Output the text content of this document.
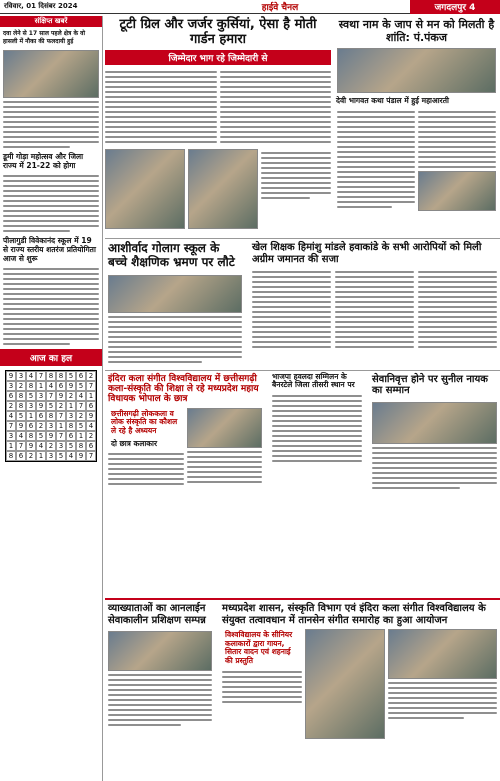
रविवार, 01 दिसंबर 2024	हाईवे चैनल	जगदलपुर 4
संक्षिप्त खबरें
दवा लेने से 17 साल पहले क्षेत्र के वो हासली में नौका की फलदायी हुई
डूमी गोड़ा महोत्सव और जिला राज्य में 21-22 को होगा
पीलागुडी विवेकानंद स्कूल में 19 से राज्य स्तरीय शतरंज प्रतियोगिता आज से शुरू
आज का हल
9 3 4 7 8 8 5 6 2
3 2 8 1 4 6 9 5 7
6 8 5 3 7 9 2 4 1
2 8 3 9 5 2 1 7 6
4 5 1 6 8 7 3 2 9
7 9 6 2 3 1 8 5 4
3 4 8 5 9 7 6 1 2
1 7 9 4 2 3 5 8 6
8 6 2 1 3 5 4 9 7
टूटी ग्रिल और जर्जर कुर्सियां, ऐसा है मोती गार्डन हमारा
जिम्मेदार भाग रहे जिम्मेदारी से
स्वथा नाम के जाप से मन को मिलती है शांति: पं.पंकज
देवी भागवत कथा पंडाल में हुई महाआरती
आशीर्वाद गोलाग स्कूल के बच्चे शैक्षणिक भ्रमण पर लौटे
खेल शिक्षक हिमांशु मांडले हवाकांडे के सभी आरोपियों को मिली अग्रीम जमानत की सजा
इंदिरा कला संगीत विश्वविद्यालय में छत्तीसगढ़ी कला-संस्कृति की शिक्षा ले रहे मध्यप्रदेश महाय विधायक भोपाल के छात्र
छत्तीसगढ़ी लोककला व लोक संस्कृति का कौशल ले रहे है अध्ययन
दो छात्र कलाकार
भाजपा हवलदा सम्मिलन के बैनरटेले जिला तीसरी स्थान पर
सेवानिवृत्त होने पर सुनील नायक का सम्मान
व्याख्याताओं का आनलाईन सेवाकालीन प्रशिक्षण सम्पन्न
मध्यप्रदेश शासन, संस्कृति विभाग एवं इंदिरा कला संगीत विश्वविद्यालय के संयुक्त तत्वावधान में तानसेन संगीत समारोह का हुआ आयोजन
विश्वविद्यालय के सीनियर कलाकारों द्वारा गायन, सितार वादन एवं शहनाई की प्रस्तुति
